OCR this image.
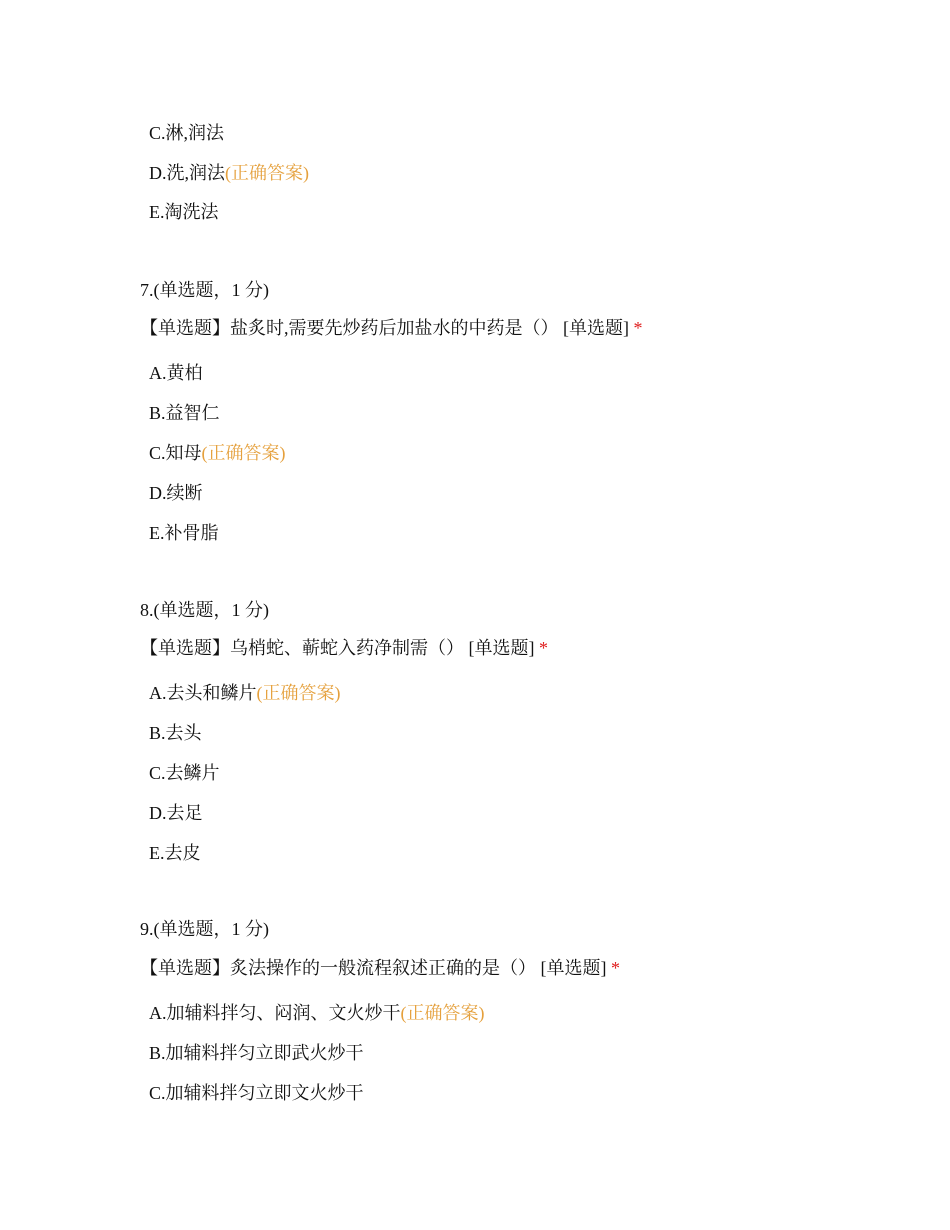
C.淋,润法
D.洗,润法(正确答案)
E.淘洗法
7.(单选题，1 分)
【单选题】盐炙时,需要先炒药后加盐水的中药是（） [单选题] *
A.黄柏
B.益智仁
C.知母(正确答案)
D.续断
E.补骨脂
8.(单选题，1 分)
【单选题】乌梢蛇、蕲蛇入药净制需（） [单选题] *
A.去头和鳞片(正确答案)
B.去头
C.去鳞片
D.去足
E.去皮
9.(单选题，1 分)
【单选题】炙法操作的一般流程叙述正确的是（） [单选题] *
A.加辅料拌匀、闷润、文火炒干(正确答案)
B.加辅料拌匀立即武火炒干
C.加辅料拌匀立即文火炒干
